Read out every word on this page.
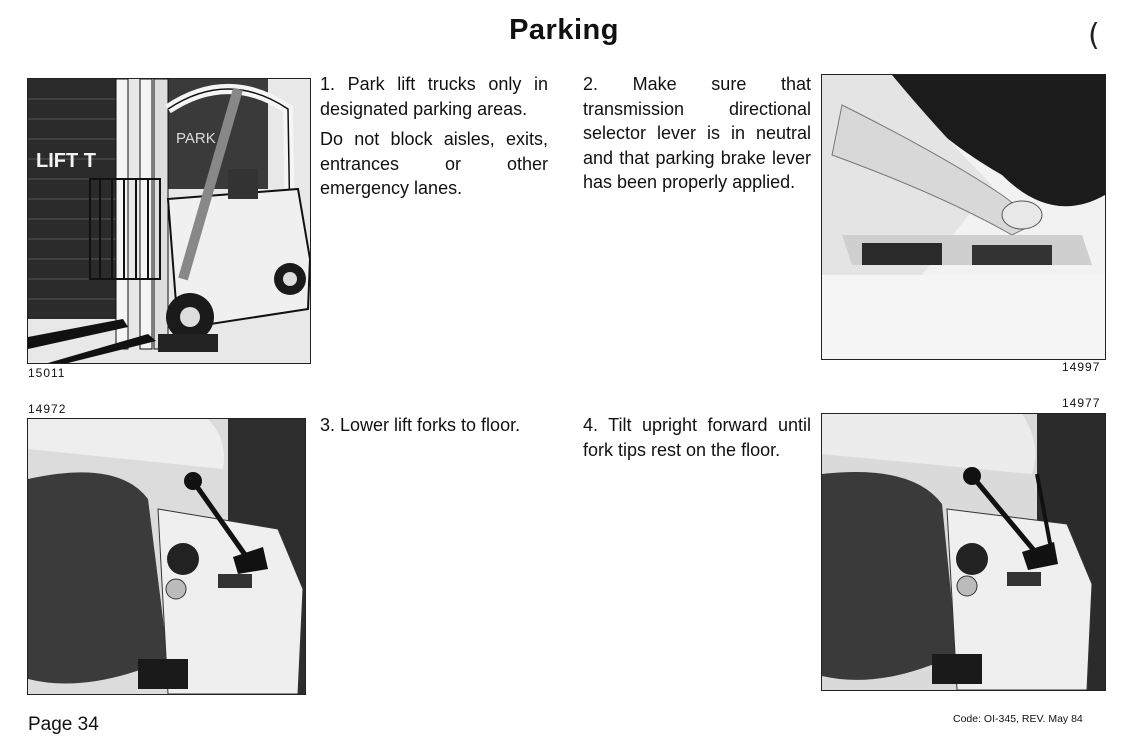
Parking	(
LIFT T
PARK
15011

1. Park lift trucks only in designated parking areas.

Do not block aisles, exits, entrances or other emergency lanes.

2. Make sure that transmission directional selector lever is in neutral and that parking brake lever has been properly applied.

14997
14972

3. Lower lift forks to floor.	4. Tilt upright forward until fork tips rest on the floor.

14977
Page 34	Code: OI-345, REV. May 84
